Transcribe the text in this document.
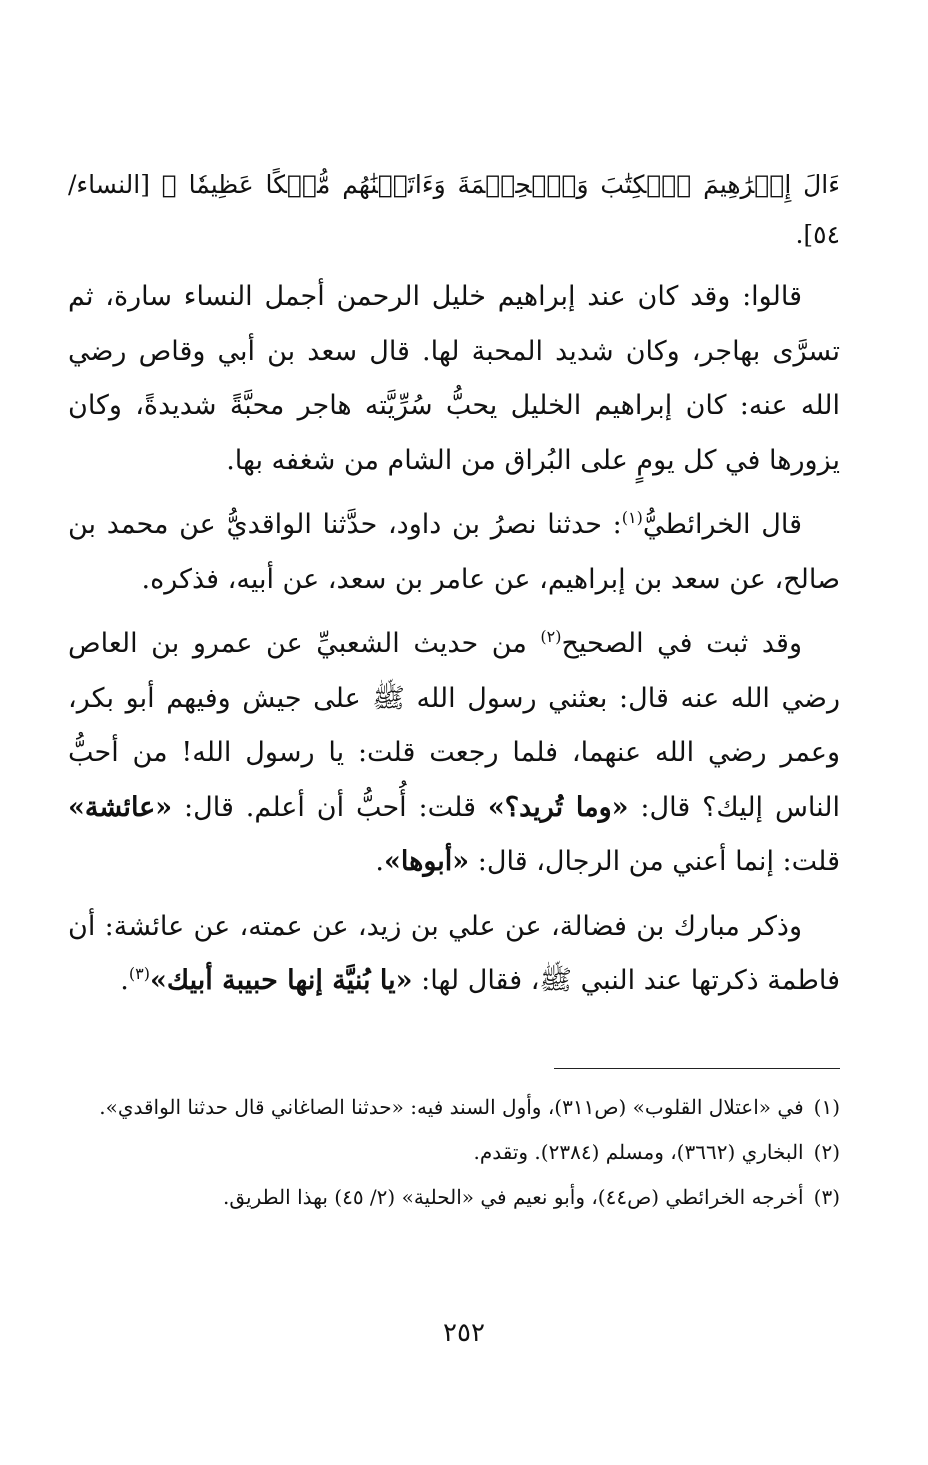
ءَالَ إِبۡرَٰهِيمَ ٱلۡكِتَٰبَ وَٱلۡحِكۡمَةَ وَءَاتَيۡنَٰهُم مُّلۡكًا عَظِيمٗا ﴾ [النساء/ ٥٤].

قالوا: وقد كان عند إبراهيم خليل الرحمن أجمل النساء سارة، ثم تسرَّى بهاجر، وكان شديد المحبة لها. قال سعد بن أبي وقاص رضي الله عنه: كان إبراهيم الخليل يحبُّ سُرِّيَّته هاجر محبَّةً شديدةً، وكان يزورها في كل يومٍ على البُراق من الشام من شغفه بها.

قال الخرائطيُّ$^{(١)}$: حدثنا نصرُ بن داود، حدَّثنا الواقديُّ عن محمد بن صالح، عن سعد بن إبراهيم، عن عامر بن سعد، عن أبيه، فذكره.

وقد ثبت في الصحيح$^{(٢)}$ من حديث الشعبيِّ عن عمرو بن العاص رضي الله عنه قال: بعثني رسول الله ﷺ على جيش وفيهم أبو بكر، وعمر رضي الله عنهما، فلما رجعت قلت: يا رسول الله! من أحبُّ الناس إليك؟ قال: «وما تُريد؟» قلت: أُحبُّ أن أعلم. قال: «عائشة» قلت: إنما أعني من الرجال، قال: «أبوها».

وذكر مبارك بن فضالة، عن علي بن زيد، عن عمته، عن عائشة: أن فاطمة ذكرتها عند النبي ﷺ، فقال لها: «يا بُنيَّة إنها حبيبة أبيك»$^{(٣)}$.

(١)في «اعتلال القلوب» (ص٣١١)، وأول السند فيه: «حدثنا الصاغاني قال حدثنا الواقدي».

(٢)البخاري (٣٦٦٢)، ومسلم (٢٣٨٤). وتقدم.

(٣)أخرجه الخرائطي (ص٤٤)، وأبو نعيم في «الحلية» (٢/ ٤٥) بهذا الطريق.

٢٥٢
